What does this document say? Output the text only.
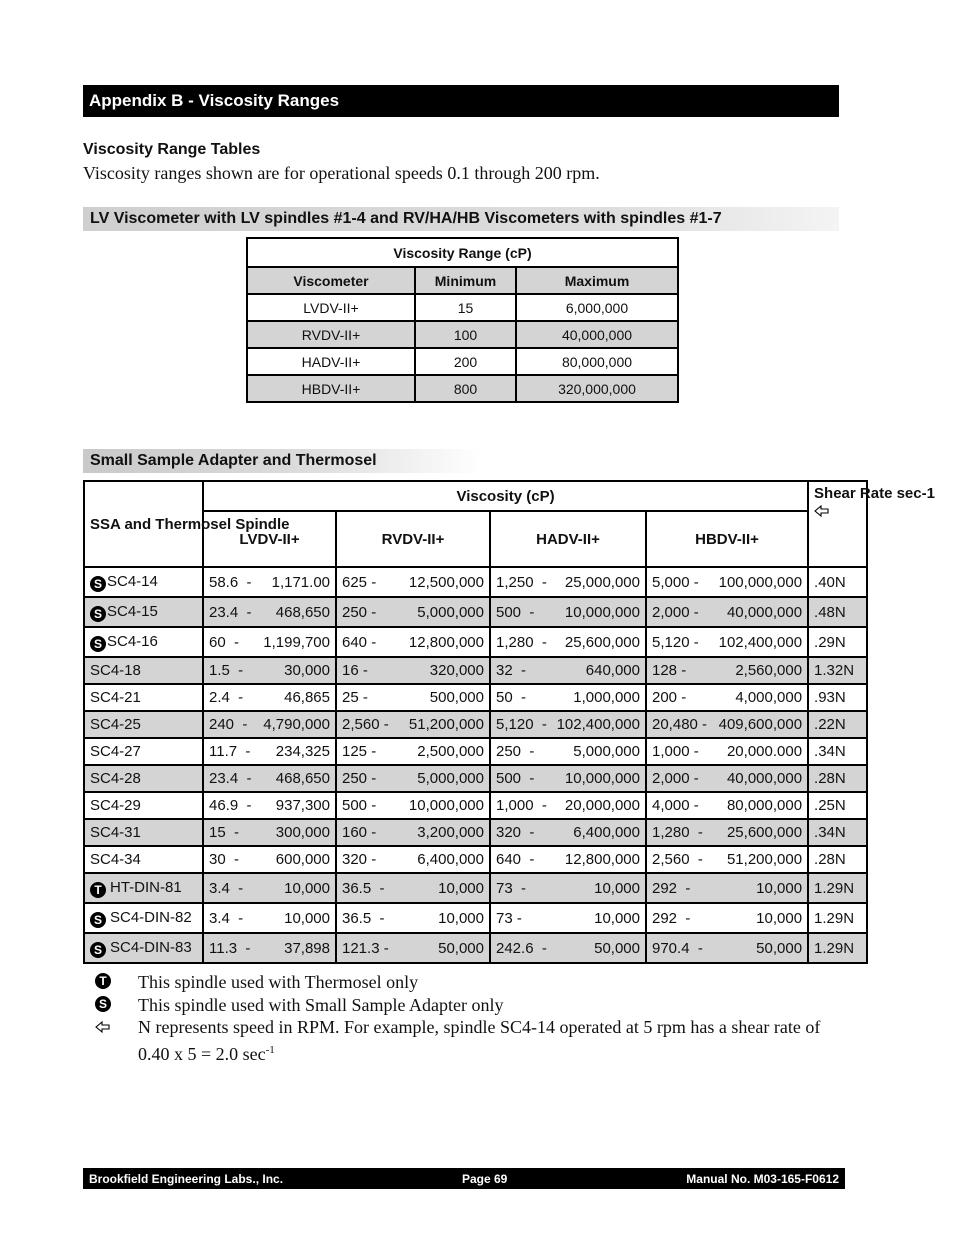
Appendix B - Viscosity Ranges
Viscosity Range Tables
Viscosity ranges shown are for operational speeds 0.1 through 200 rpm.
LV Viscometer with LV spindles #1-4 and RV/HA/HB Viscometers with spindles #1-7
Viscosity Range (cP)		
Viscometer	Minimum	Maximum
LVDV-II+	15	6,000,000
RVDV-II+	100	40,000,000
HADV-II+	200	80,000,000
HBDV-II+	800	320,000,000
Small Sample Adapter and Thermosel
SSA and Thermosel Spindle	Viscosity (cP)				Shear Rate sec-1

	LVDV-II+	RVDV-II+	HADV-II+	HBDV-II+	
S SC4-14	58.6  - 1,171.00	625 - 12,500,000	1,250  - 25,000,000	5,000 - 100,000,000	.40N
S SC4-15	23.4  - 468,650	250 - 5,000,000	500  - 10,000,000	2,000 - 40,000,000	.48N
S SC4-16	60  - 1,199,700	640 - 12,800,000	1,280  - 25,600,000	5,120 - 102,400,000	.29N
SC4-18	1.5  - 30,000	16 - 320,000	32  - 640,000	128 - 2,560,000	1.32N
SC4-21	2.4  - 46,865	25 - 500,000	50  - 1,000,000	200 - 4,000,000	.93N
SC4-25	240  - 4,790,000	2,560 - 51,200,000	5,120  - 102,400,000	20,480 - 409,600,000	.22N
SC4-27	11.7  - 234,325	125 - 2,500,000	250  - 5,000,000	1,000 - 20,000.000	.34N
SC4-28	23.4  - 468,650	250 - 5,000,000	500  - 10,000,000	2,000 - 40,000,000	.28N
SC4-29	46.9  - 937,300	500 - 10,000,000	1,000  - 20,000,000	4,000 - 80,000,000	.25N
SC4-31	15  - 300,000	160 - 3,200,000	320  - 6,400,000	1,280  - 25,600,000	.34N
SC4-34	30  - 600,000	320 - 6,400,000	640  - 12,800,000	2,560  - 51,200,000	.28N
T HT-DIN-81	3.4  - 10,000	36.5  - 10,000	73  - 10,000	292  - 10,000	1.29N
S SC4-DIN-82	3.4  - 10,000	36.5  - 10,000	73 - 10,000	292  - 10,000	1.29N
S SC4-DIN-83	11.3  - 37,898	121.3 - 50,000	242.6  - 50,000	970.4  - 50,000	1.29N
T This spindle used with Thermosel only
S This spindle used with Small Sample Adapter only
N represents speed in RPM. For example, spindle SC4-14 operated at 5 rpm has a shear rate of 0.40 x 5 = 2.0 $\sec^{-1}$
Brookfield Engineering Labs., Inc.	Page 69	Manual No. M03-165-F0612
